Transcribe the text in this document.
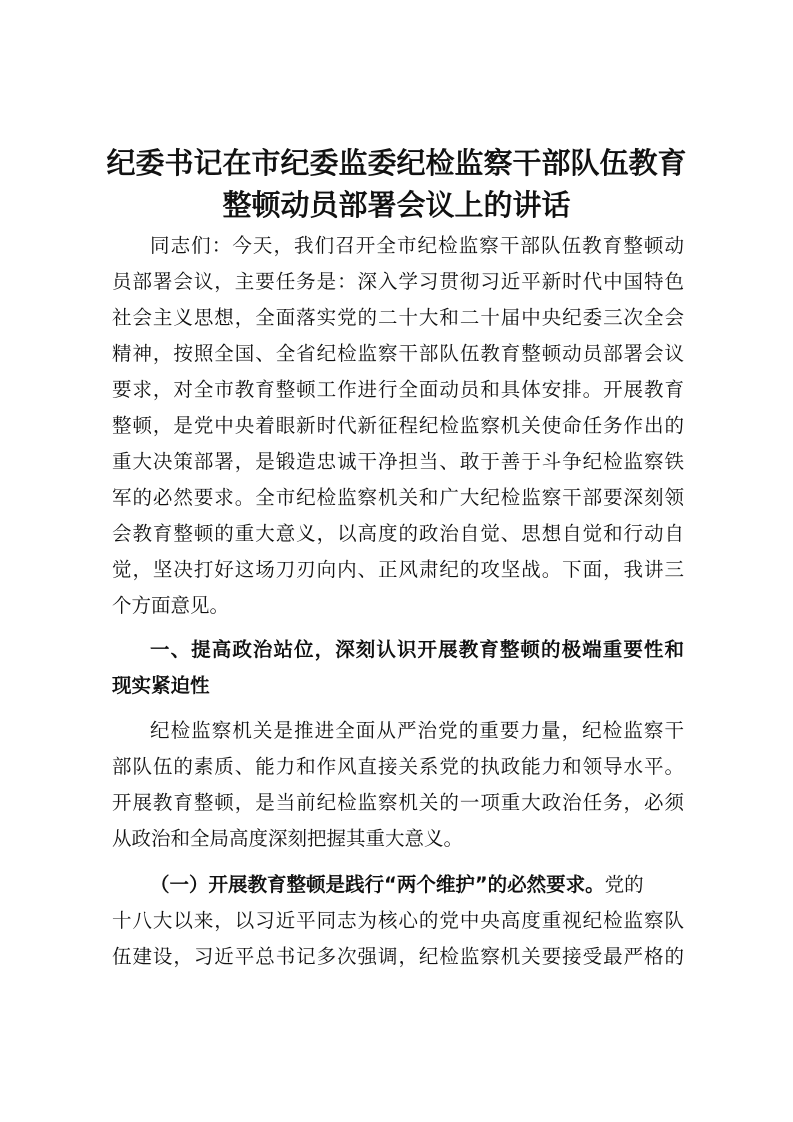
纪委书记在市纪委监委纪检监察干部队伍教育
整顿动员部署会议上的讲话

同志们：今天，我们召开全市纪检监察干部队伍教育整顿动

员部署会议，主要任务是：深入学习贯彻习近平新时代中国特色

社会主义思想，全面落实党的二十大和二十届中央纪委三次全会

精神，按照全国、全省纪检监察干部队伍教育整顿动员部署会议

要求，对全市教育整顿工作进行全面动员和具体安排。开展教育

整顿，是党中央着眼新时代新征程纪检监察机关使命任务作出的

重大决策部署，是锻造忠诚干净担当、敢于善于斗争纪检监察铁

军的必然要求。全市纪检监察机关和广大纪检监察干部要深刻领

会教育整顿的重大意义，以高度的政治自觉、思想自觉和行动自

觉，坚决打好这场刀刃向内、正风肃纪的攻坚战。下面，我讲三

个方面意见。

一、提高政治站位，深刻认识开展教育整顿的极端重要性和

现实紧迫性

纪检监察机关是推进全面从严治党的重要力量，纪检监察干

部队伍的素质、能力和作风直接关系党的执政能力和领导水平。

开展教育整顿，是当前纪检监察机关的一项重大政治任务，必须

从政治和全局高度深刻把握其重大意义。

（一）开展教育整顿是践行“两个维护”的必然要求。党的

十八大以来，以习近平同志为核心的党中央高度重视纪检监察队

伍建设，习近平总书记多次强调，纪检监察机关要接受最严格的
